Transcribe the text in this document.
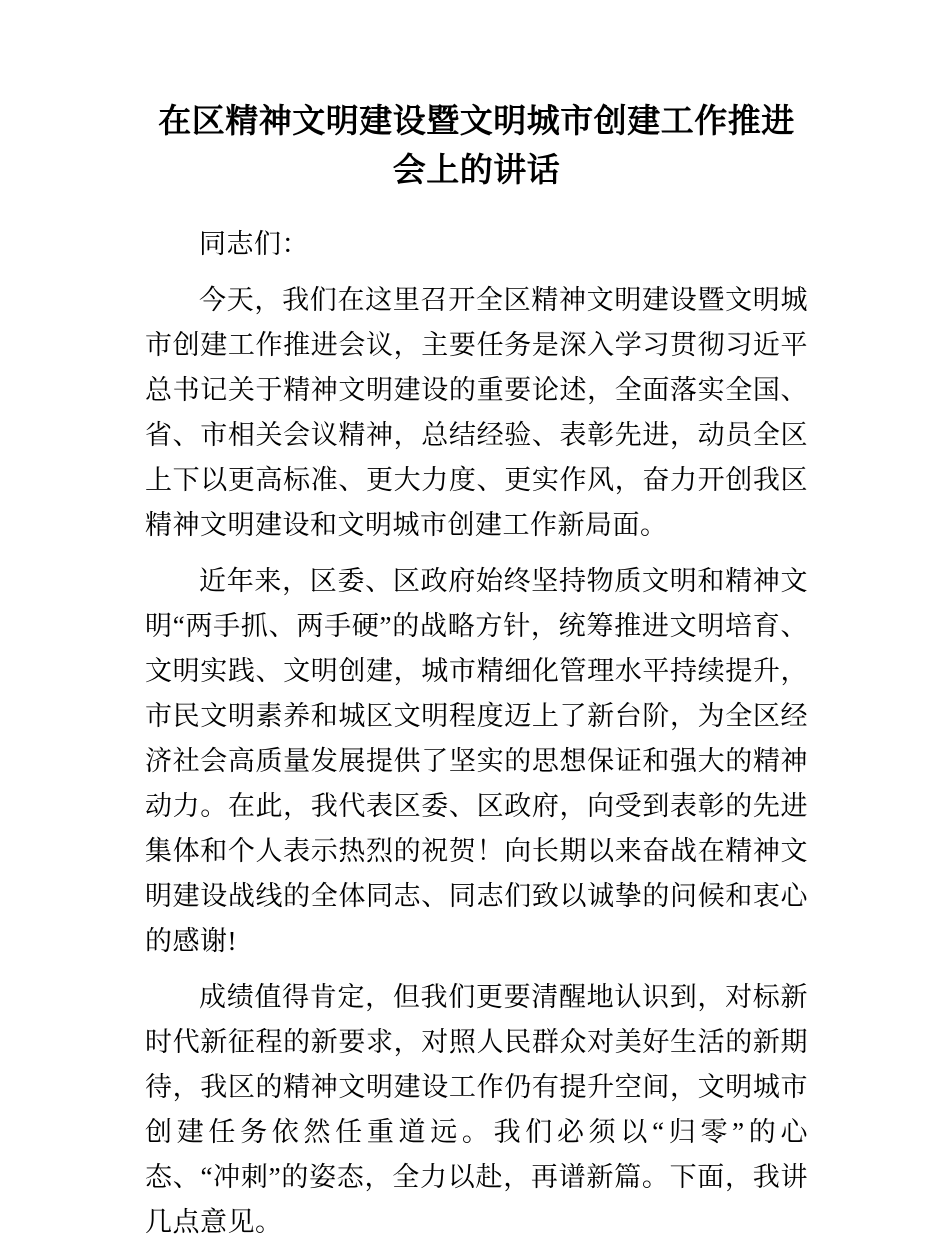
在区精神文明建设暨文明城市创建工作推进会上的讲话

同志们：

今天，我们在这里召开全区精神文明建设暨文明城市创建工作推进会议，主要任务是深入学习贯彻习近平总书记关于精神文明建设的重要论述，全面落实全国、省、市相关会议精神，总结经验、表彰先进，动员全区上下以更高标准、更大力度、更实作风，奋力开创我区精神文明建设和文明城市创建工作新局面。

近年来，区委、区政府始终坚持物质文明和精神文明“两手抓、两手硬”的战略方针，统筹推进文明培育、文明实践、文明创建，城市精细化管理水平持续提升，市民文明素养和城区文明程度迈上了新台阶，为全区经济社会高质量发展提供了坚实的思想保证和强大的精神动力。在此，我代表区委、区政府，向受到表彰的先进集体和个人表示热烈的祝贺！向长期以来奋战在精神文明建设战线的全体同志、同志们致以诚挚的问候和衷心的感谢!

成绩值得肯定，但我们更要清醒地认识到，对标新时代新征程的新要求，对照人民群众对美好生活的新期待，我区的精神文明建设工作仍有提升空间，文明城市创建任务依然任重道远。我们必须以“归零”的心态、“冲刺”的姿态，全力以赴，再谱新篇。下面，我讲几点意见。
